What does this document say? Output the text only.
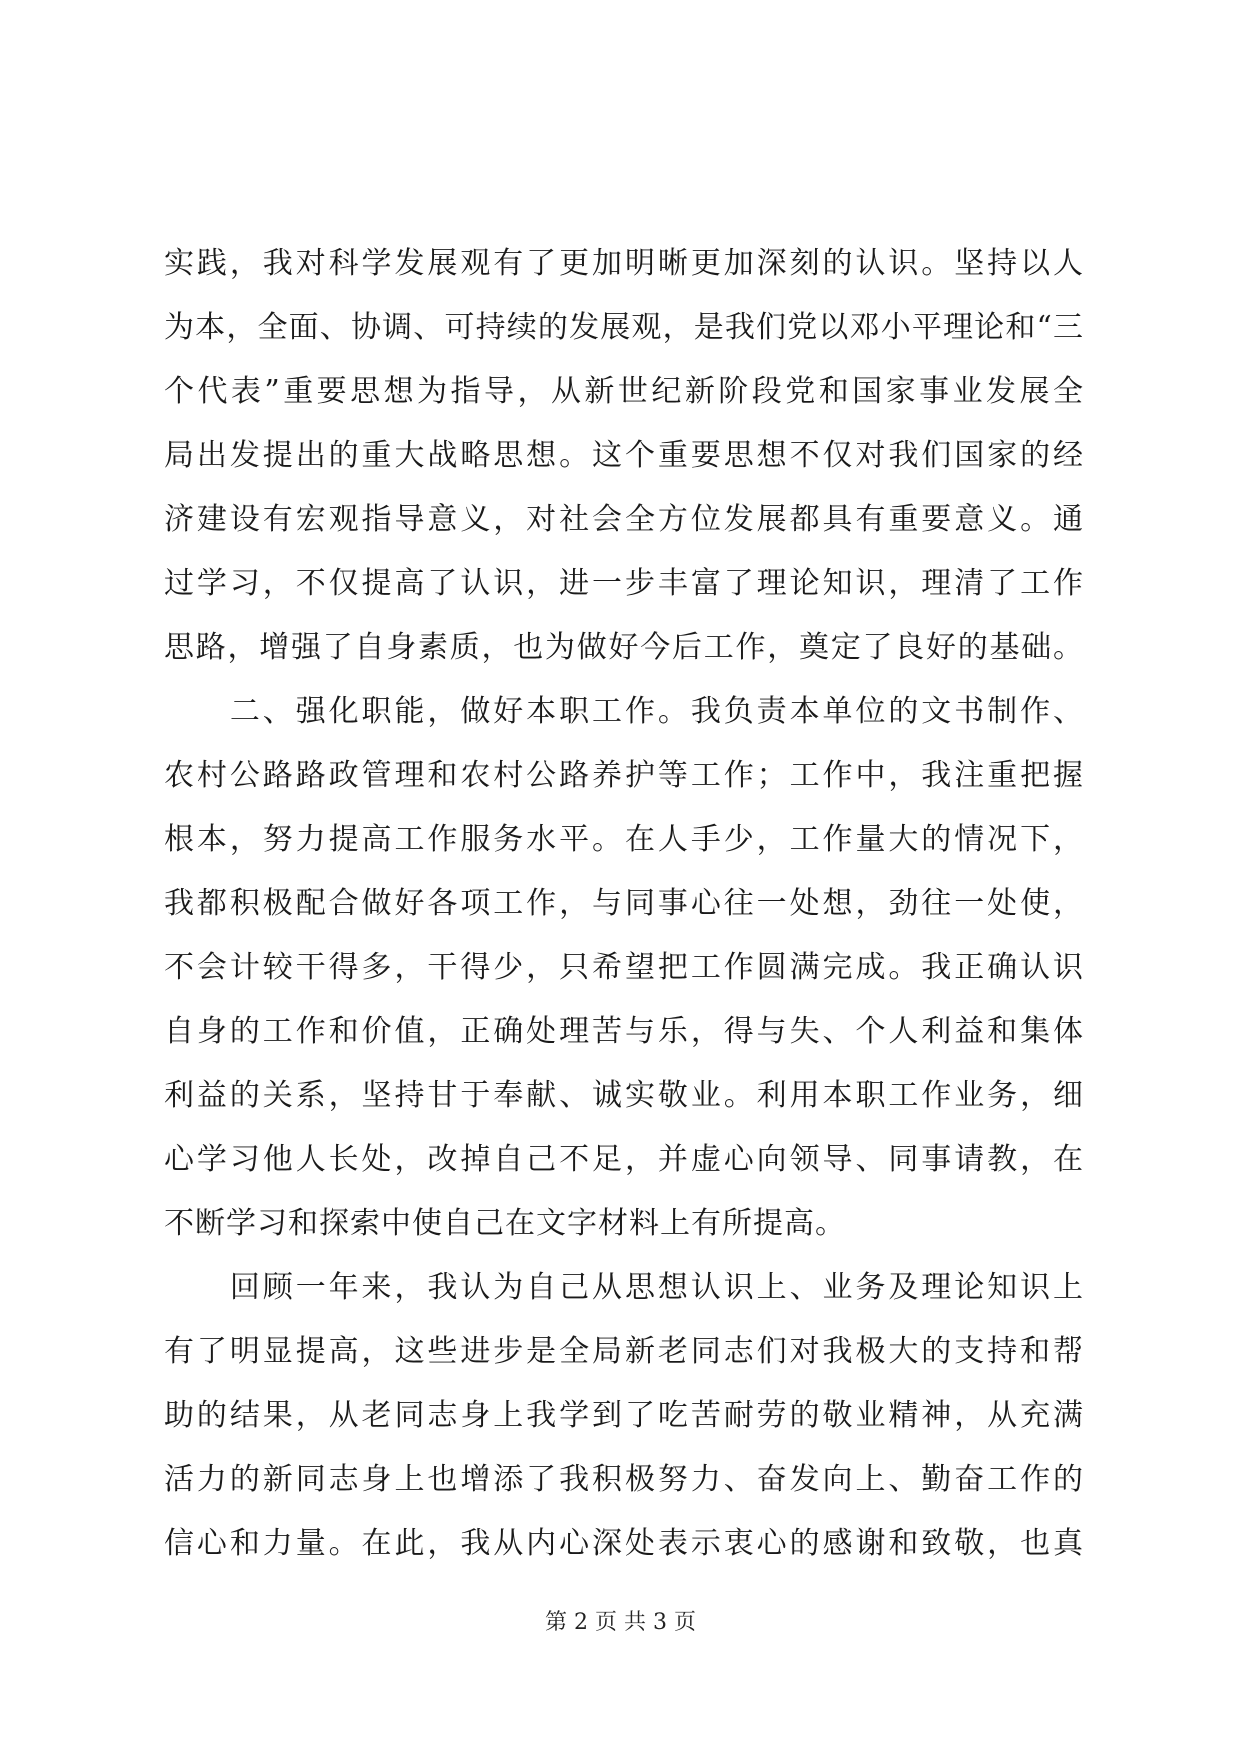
实践，我对科学发展观有了更加明晰更加深刻的认识。坚持以人
为本，全面、协调、可持续的发展观，是我们党以邓小平理论和“三
个代表”重要思想为指导，从新世纪新阶段党和国家事业发展全
局出发提出的重大战略思想。这个重要思想不仅对我们国家的经
济建设有宏观指导意义，对社会全方位发展都具有重要意义。通
过学习，不仅提高了认识，进一步丰富了理论知识，理清了工作
思路，增强了自身素质，也为做好今后工作，奠定了良好的基础。
　　二、强化职能，做好本职工作。我负责本单位的文书制作、
农村公路路政管理和农村公路养护等工作；工作中，我注重把握
根本，努力提高工作服务水平。在人手少，工作量大的情况下，
我都积极配合做好各项工作，与同事心往一处想，劲往一处使，
不会计较干得多，干得少，只希望把工作圆满完成。我正确认识
自身的工作和价值，正确处理苦与乐，得与失、个人利益和集体
利益的关系，坚持甘于奉献、诚实敬业。利用本职工作业务，细
心学习他人长处，改掉自己不足，并虚心向领导、同事请教，在
不断学习和探索中使自己在文字材料上有所提高。
　　回顾一年来，我认为自己从思想认识上、业务及理论知识上
有了明显提高，这些进步是全局新老同志们对我极大的支持和帮
助的结果，从老同志身上我学到了吃苦耐劳的敬业精神，从充满
活力的新同志身上也增添了我积极努力、奋发向上、勤奋工作的
信心和力量。在此，我从内心深处表示衷心的感谢和致敬，也真
第 2 页 共 3 页
